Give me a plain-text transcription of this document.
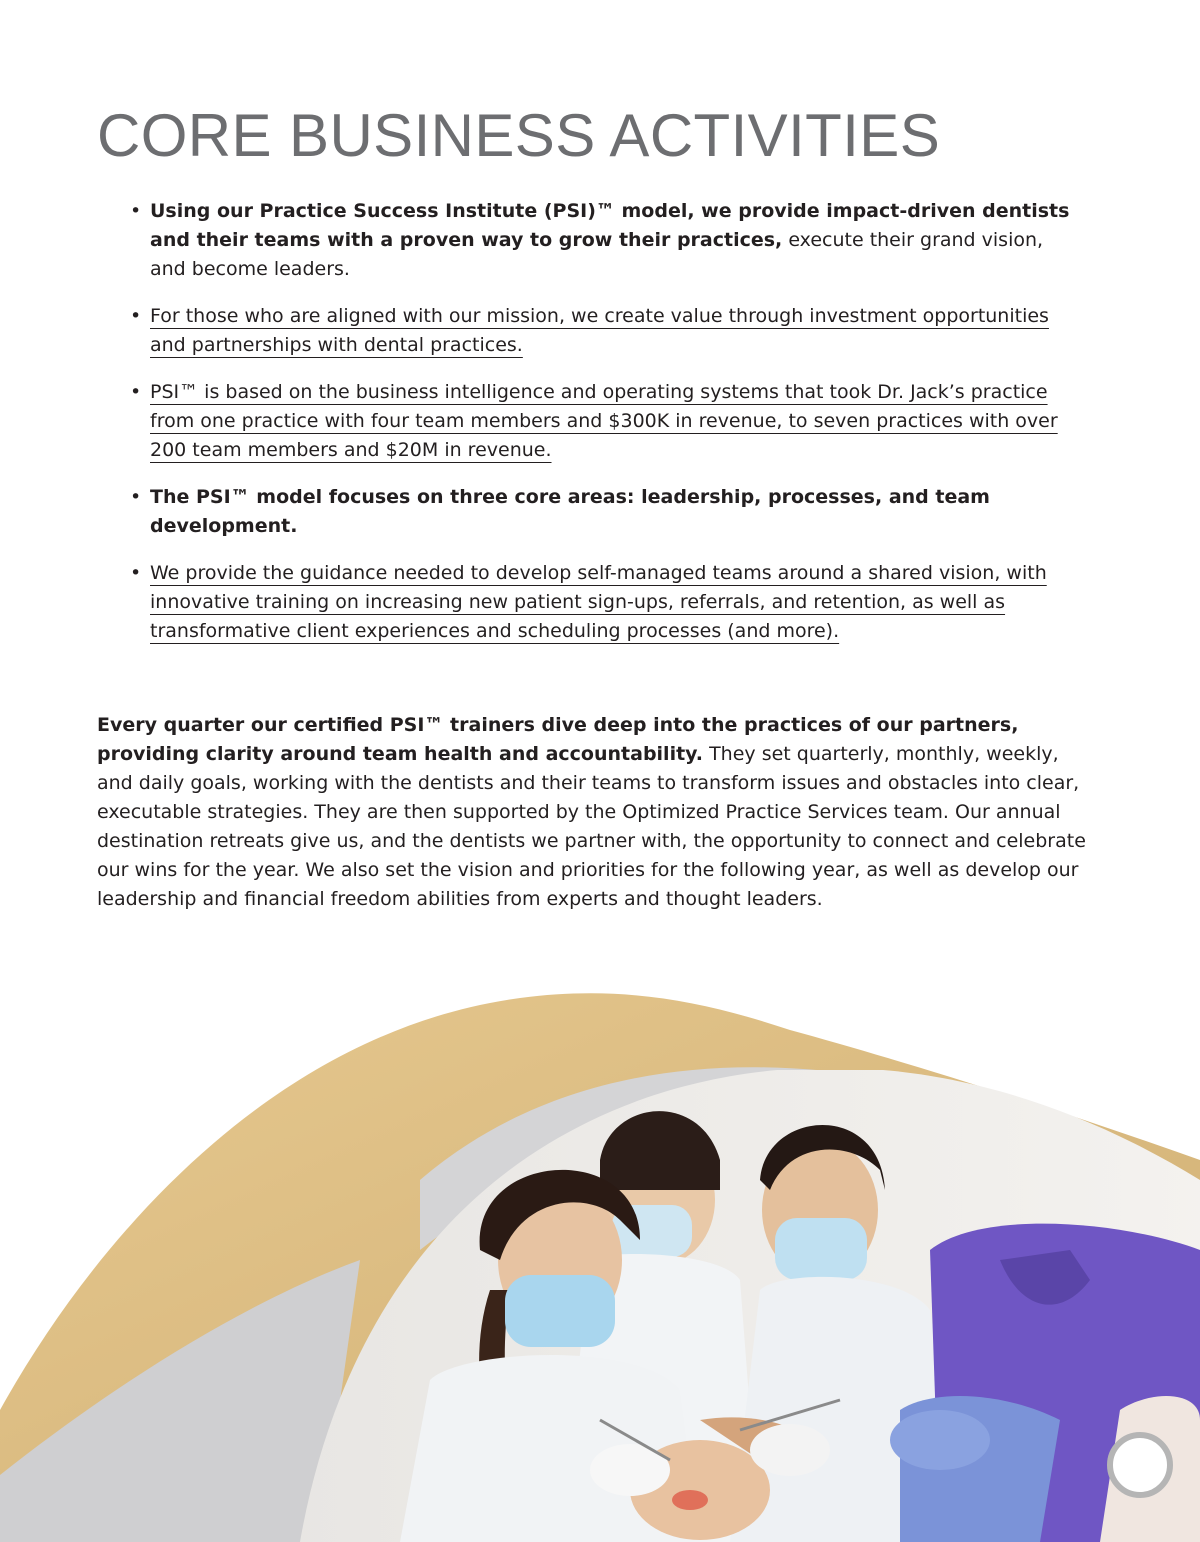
CORE BUSINESS ACTIVITIES
• Using our Practice Success Institute (PSI)™ model, we provide impact-driven dentists and their teams with a proven way to grow their practices, execute their grand vision, and become leaders.
• For those who are aligned with our mission, we create value through investment opportunities and partnerships with dental practices.
• PSI™ is based on the business intelligence and operating systems that took Dr. Jack’s practice from one practice with four team members and $300K in revenue, to seven practices with over 200 team members and $20M in revenue.
• The PSI™ model focuses on three core areas: leadership, processes, and team development.
• We provide the guidance needed to develop self-managed teams around a shared vision, with innovative training on increasing new patient sign-ups, referrals, and retention, as well as transformative client experiences and scheduling processes (and more).

Every quarter our certified PSI™ trainers dive deep into the practices of our partners, providing clarity around team health and accountability. They set quarterly, monthly, weekly, and daily goals, working with the dentists and their teams to transform issues and obstacles into clear, executable strategies. They are then supported by the Optimized Practice Services team. Our annual destination retreats give us, and the dentists we partner with, the opportunity to connect and celebrate our wins for the year. We also set the vision and priorities for the following year, as well as develop our leadership and financial freedom abilities from experts and thought leaders.
